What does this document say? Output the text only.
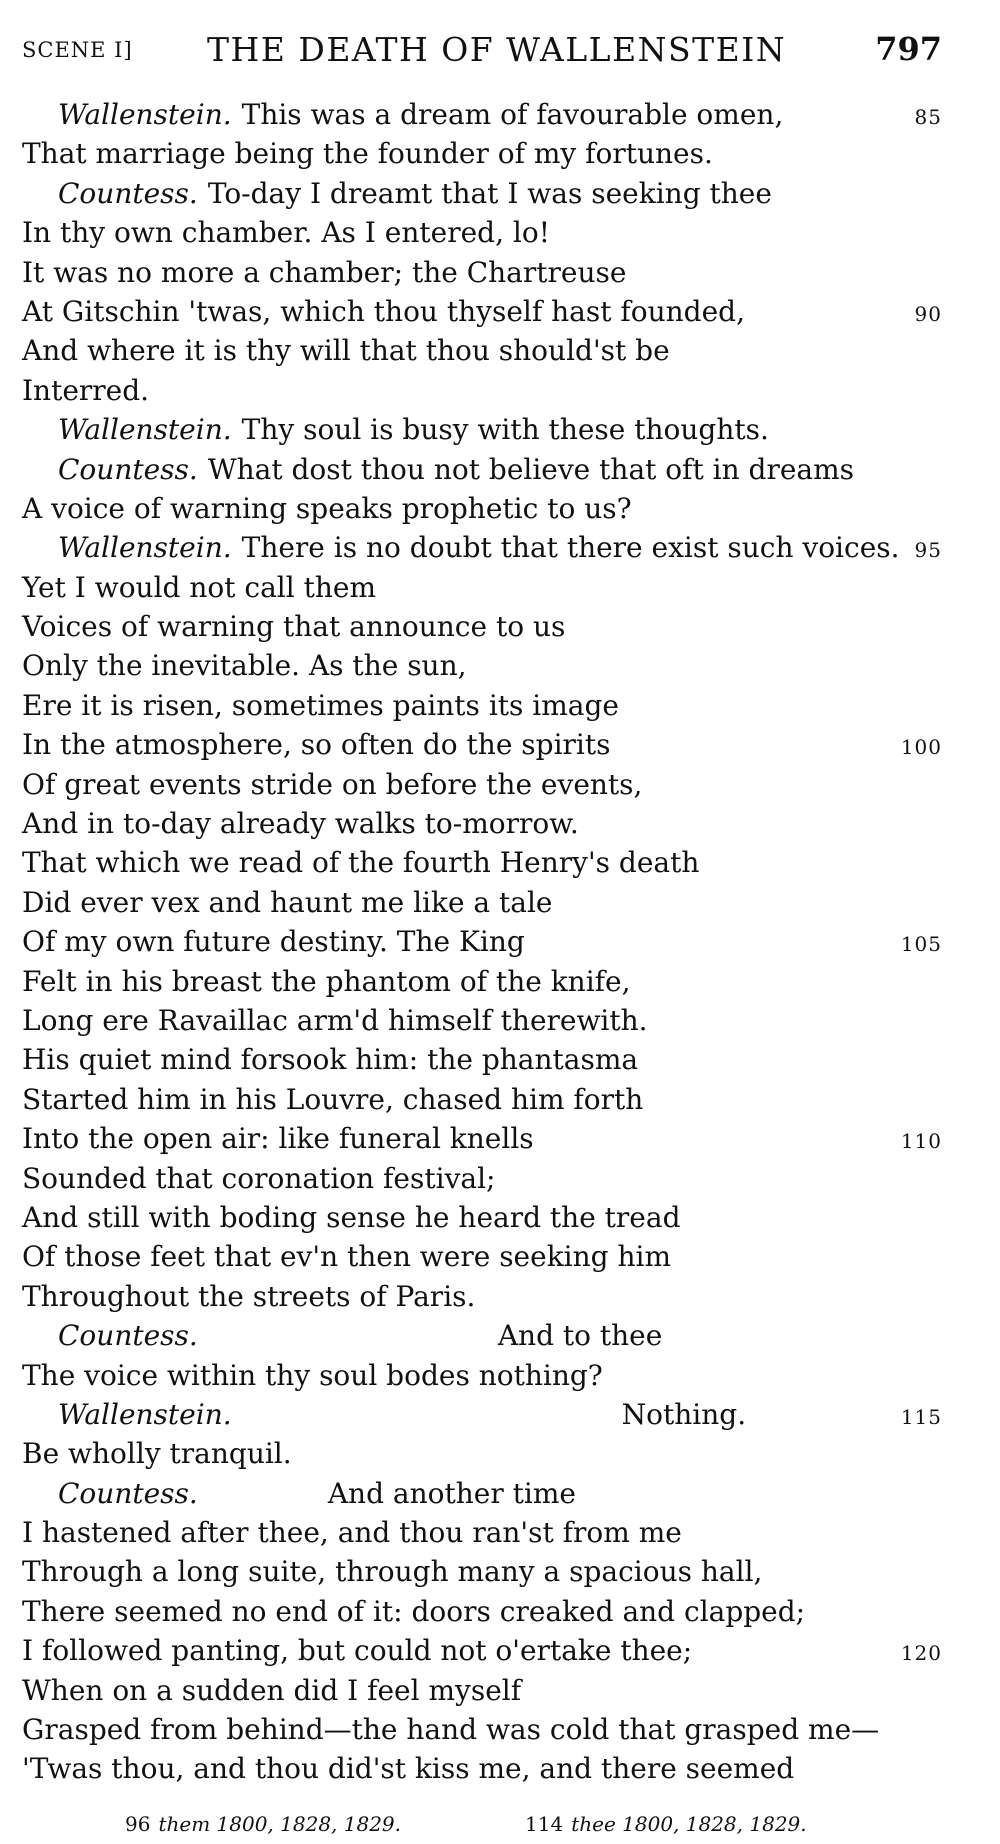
SCENE I] THE DEATH OF WALLENSTEIN	797
Wallenstein. This was a dream of favourable omen,	85
That marriage being the founder of my fortunes.
Countess. To-day I dreamt that I was seeking thee
In thy own chamber. As I entered, lo!
It was no more a chamber; the Chartreuse
At Gitschin 'twas, which thou thyself hast founded,	90
And where it is thy will that thou should'st be
Interred.
Wallenstein. Thy soul is busy with these thoughts.
Countess. What dost thou not believe that oft in dreams
A voice of warning speaks prophetic to us?
Wallenstein. There is no doubt that there exist such voices. 95
Yet I would not call them
Voices of warning that announce to us
Only the inevitable. As the sun,
Ere it is risen, sometimes paints its image
In the atmosphere, so often do the spirits	100
Of great events stride on before the events,
And in to-day already walks to-morrow.
That which we read of the fourth Henry's death
Did ever vex and haunt me like a tale
Of my own future destiny. The King	105
Felt in his breast the phantom of the knife,
Long ere Ravaillac arm'd himself therewith.
His quiet mind forsook him: the phantasma
Started him in his Louvre, chased him forth
Into the open air: like funeral knells	110
Sounded that coronation festival;
And still with boding sense he heard the tread
Of those feet that ev'n then were seeking him
Throughout the streets of Paris.
Countess.	And to thee
The voice within thy soul bodes nothing?
Wallenstein.	Nothing.	115
Be wholly tranquil.
Countess.	And another time
I hastened after thee, and thou ran'st from me
Through a long suite, through many a spacious hall,
There seemed no end of it: doors creaked and clapped;
I followed panting, but could not o'ertake thee;	120
When on a sudden did I feel myself
Grasped from behind—the hand was cold that grasped me—
'Twas thou, and thou did'st kiss me, and there seemed
96 them 1800, 1828, 1829.	114 thee 1800, 1828, 1829.
